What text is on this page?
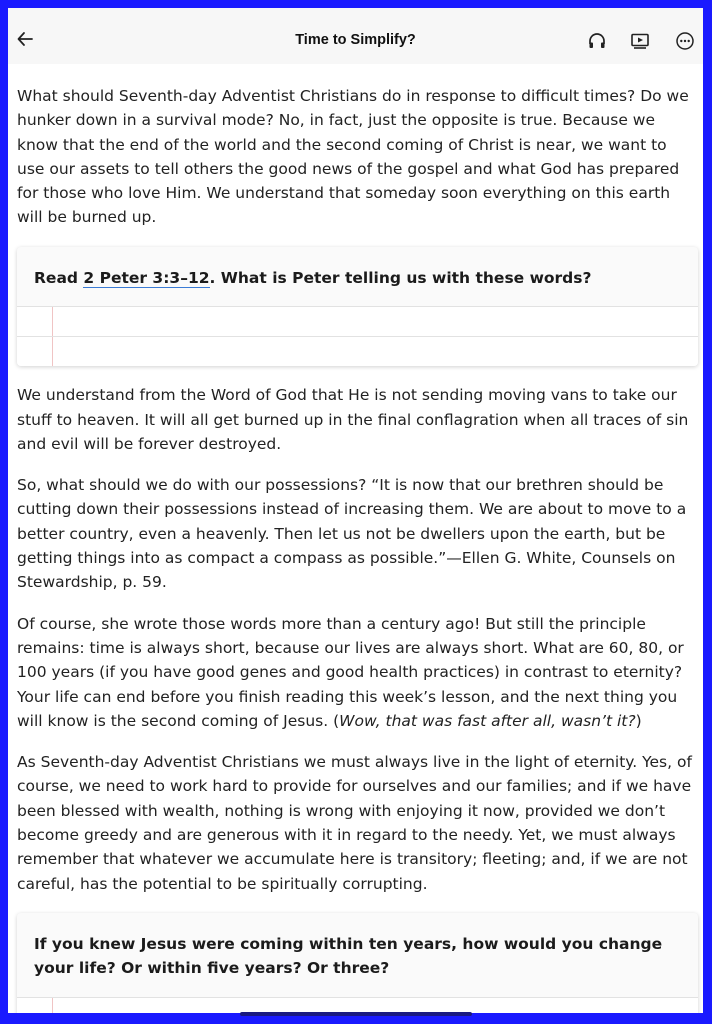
Time to Simplify?

What should Seventh-day Adventist Christians do in response to difficult times? Do we hunker down in a survival mode? No, in fact, just the opposite is true. Because we know that the end of the world and the second coming of Christ is near, we want to use our assets to tell others the good news of the gospel and what God has prepared for those who love Him. We understand that someday soon everything on this earth will be burned up.

Read 2 Peter 3:3–12. What is Peter telling us with these words?

We understand from the Word of God that He is not sending moving vans to take our stuff to heaven. It will all get burned up in the final conflagration when all traces of sin and evil will be forever destroyed.

So, what should we do with our possessions? “It is now that our brethren should be cutting down their possessions instead of increasing them. We are about to move to a better country, even a heavenly. Then let us not be dwellers upon the earth, but be getting things into as compact a compass as possible.”—Ellen G. White, Counsels on Stewardship, p. 59.

Of course, she wrote those words more than a century ago! But still the principle remains: time is always short, because our lives are always short. What are 60, 80, or 100 years (if you have good genes and good health practices) in contrast to eternity? Your life can end before you finish reading this week’s lesson, and the next thing you will know is the second coming of Jesus. (Wow, that was fast after all, wasn’t it?)

As Seventh-day Adventist Christians we must always live in the light of eternity. Yes, of course, we need to work hard to provide for ourselves and our families; and if we have been blessed with wealth, nothing is wrong with enjoying it now, provided we don’t become greedy and are generous with it in regard to the needy. Yet, we must always remember that whatever we accumulate here is transitory; fleeting; and, if we are not careful, has the potential to be spiritually corrupting.

If you knew Jesus were coming within ten years, how would you change your life? Or within five years? Or three?
